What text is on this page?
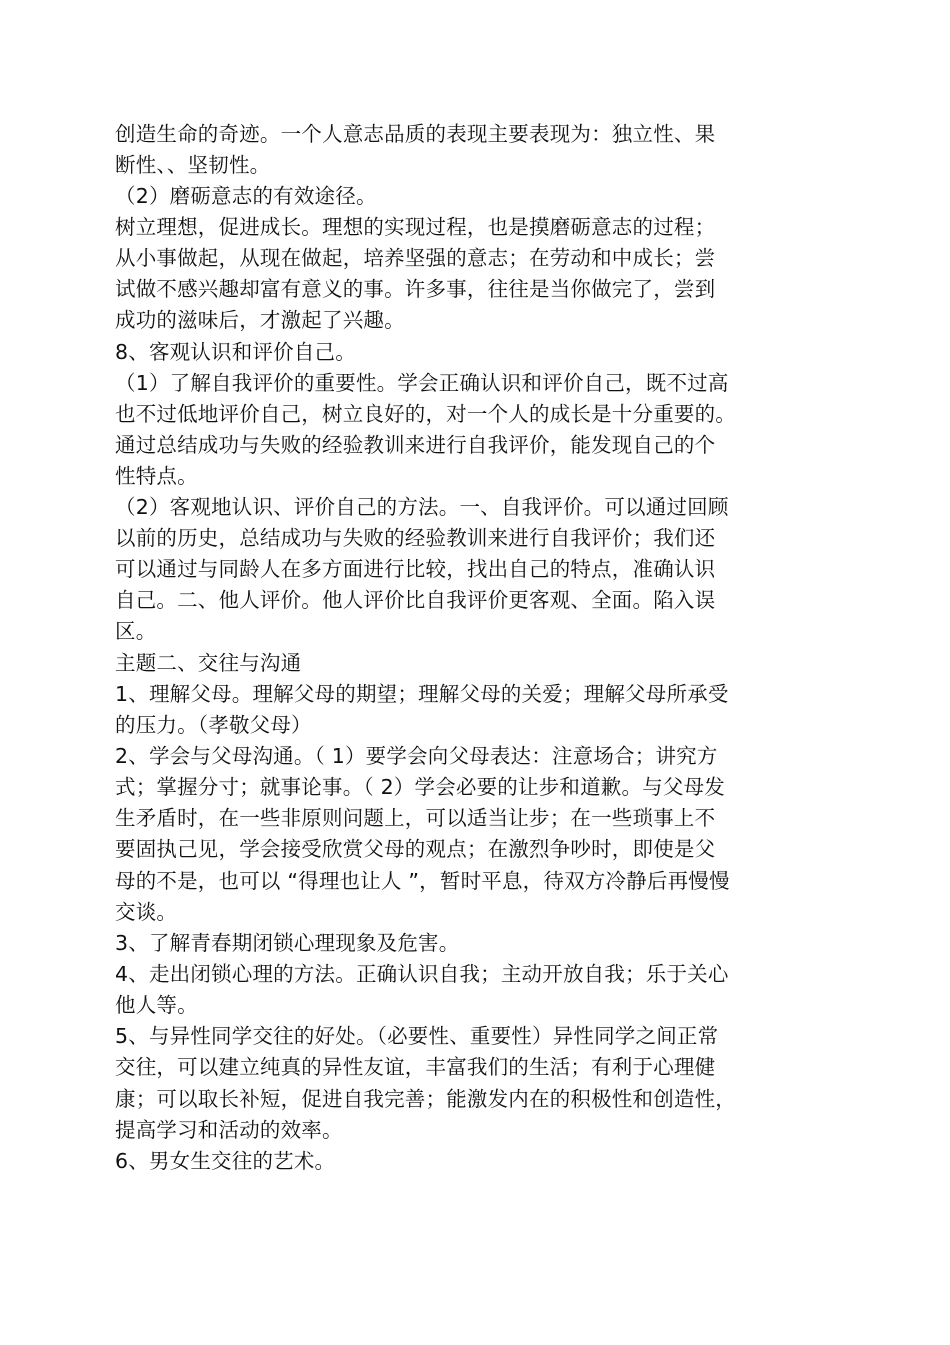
创造生命的奇迹。一个人意志品质的表现主要表现为：独立性、果
断性、、坚韧性。
（2）磨砺意志的有效途径。
树立理想，促进成长。理想的实现过程，也是摸磨砺意志的过程；
从小事做起，从现在做起，培养坚强的意志；在劳动和中成长；尝
试做不感兴趣却富有意义的事。许多事，往往是当你做完了，尝到
成功的滋味后，才激起了兴趣。
8、客观认识和评价自己。
（1）了解自我评价的重要性。学会正确认识和评价自己，既不过高
也不过低地评价自己，树立良好的，对一个人的成长是十分重要的。
通过总结成功与失败的经验教训来进行自我评价，能发现自己的个
性特点。
（2）客观地认识、评价自己的方法。一、自我评价。可以通过回顾
以前的历史，总结成功与失败的经验教训来进行自我评价；我们还
可以通过与同龄人在多方面进行比较，找出自己的特点，准确认识
自己。二、他人评价。他人评价比自我评价更客观、全面。陷入误
区。
主题二、交往与沟通
1、理解父母。理解父母的期望；理解父母的关爱；理解父母所承受
的压力。（孝敬父母）
2、学会与父母沟通。（ 1）要学会向父母表达：注意场合；讲究方
式；掌握分寸；就事论事。（ 2）学会必要的让步和道歉。与父母发
生矛盾时，在一些非原则问题上，可以适当让步；在一些琐事上不
要固执己见，学会接受欣赏父母的观点；在激烈争吵时，即使是父
母的不是，也可以 “得理也让人 ”，暂时平息，待双方冷静后再慢慢
交谈。
3、了解青春期闭锁心理现象及危害。
4、走出闭锁心理的方法。正确认识自我；主动开放自我；乐于关心
他人等。
5、与异性同学交往的好处。（必要性、重要性）异性同学之间正常
交往，可以建立纯真的异性友谊，丰富我们的生活；有利于心理健
康；可以取长补短，促进自我完善；能激发内在的积极性和创造性，
提高学习和活动的效率。
6、男女生交往的艺术。
